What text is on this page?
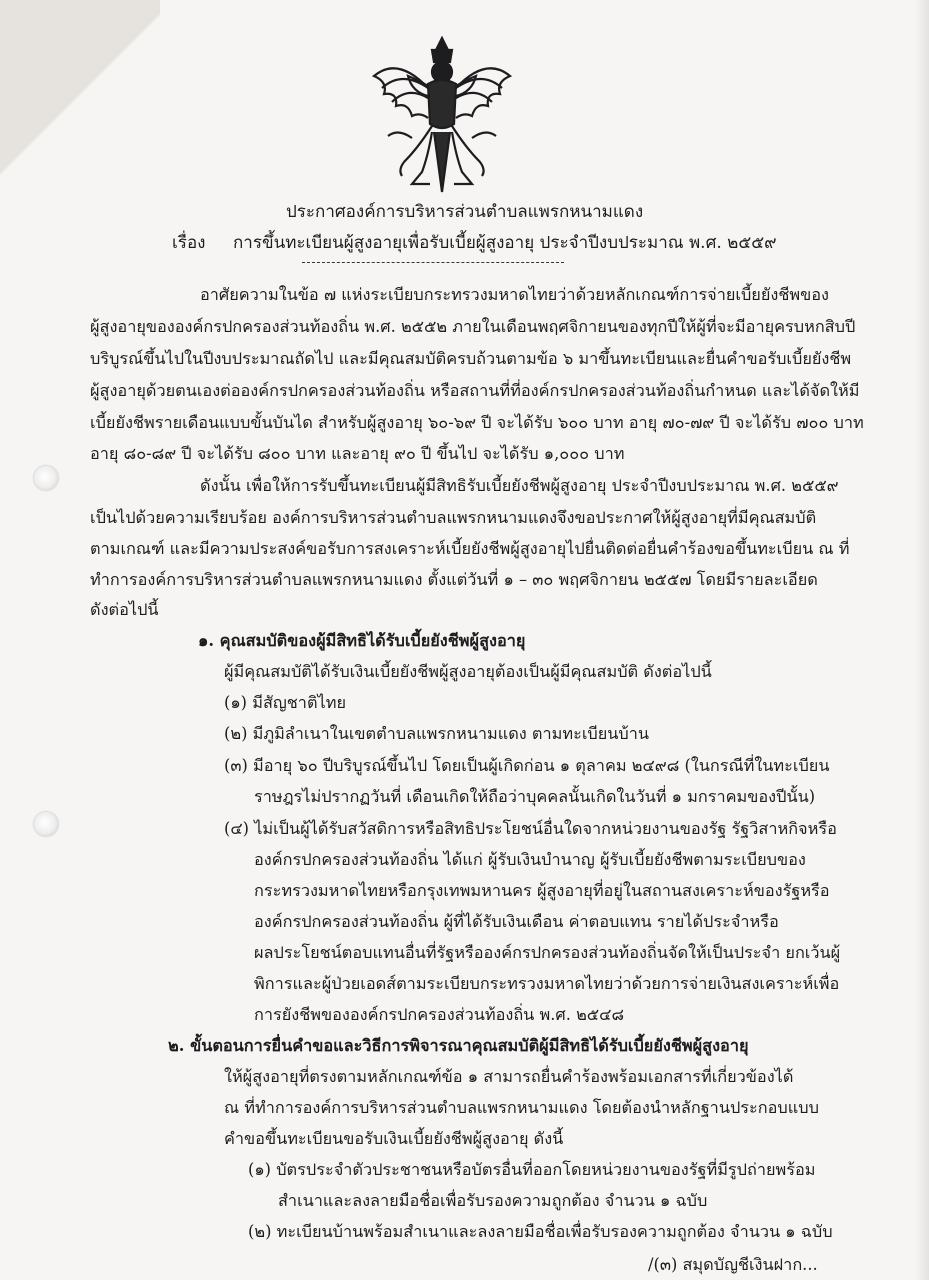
ประกาศองค์การบริหารส่วนตำบลแพรกหนามแดง
เรื่อง การขึ้นทะเบียนผู้สูงอายุเพื่อรับเบี้ยผู้สูงอายุ ประจำปีงบประมาณ พ.ศ. ๒๕๕๙
อาศัยความในข้อ ๗ แห่งระเบียบกระทรวงมหาดไทยว่าด้วยหลักเกณฑ์การจ่ายเบี้ยยังชีพของ
ผู้สูงอายุขององค์กรปกครองส่วนท้องถิ่น พ.ศ. ๒๕๕๒ ภายในเดือนพฤศจิกายนของทุกปีให้ผู้ที่จะมีอายุครบหกสิบปี
บริบูรณ์ขึ้นไปในปีงบประมาณถัดไป และมีคุณสมบัติครบถ้วนตามข้อ ๖ มาขึ้นทะเบียนและยื่นคำขอรับเบี้ยยังชีพ
ผู้สูงอายุด้วยตนเองต่อองค์กรปกครองส่วนท้องถิ่น หรือสถานที่ที่องค์กรปกครองส่วนท้องถิ่นกำหนด และได้จัดให้มี
เบี้ยยังชีพรายเดือนแบบขั้นบันได สำหรับผู้สูงอายุ ๖๐-๖๙ ปี จะได้รับ ๖๐๐ บาท อายุ ๗๐-๗๙ ปี จะได้รับ ๗๐๐ บาท
อายุ ๘๐-๘๙ ปี จะได้รับ ๘๐๐ บาท และอายุ ๙๐ ปี ขึ้นไป จะได้รับ ๑,๐๐๐ บาท
ดังนั้น เพื่อให้การรับขึ้นทะเบียนผู้มีสิทธิรับเบี้ยยังชีพผู้สูงอายุ ประจำปีงบประมาณ พ.ศ. ๒๕๕๙
เป็นไปด้วยความเรียบร้อย องค์การบริหารส่วนตำบลแพรกหนามแดงจึงขอประกาศให้ผู้สูงอายุที่มีคุณสมบัติ
ตามเกณฑ์ และมีความประสงค์ขอรับการสงเคราะห์เบี้ยยังชีพผู้สูงอายุไปยื่นติดต่อยื่นคำร้องขอขึ้นทะเบียน ณ ที่
ทำการองค์การบริหารส่วนตำบลแพรกหนามแดง ตั้งแต่วันที่ ๑ – ๓๐ พฤศจิกายน ๒๕๕๗ โดยมีรายละเอียด
ดังต่อไปนี้
๑. คุณสมบัติของผู้มีสิทธิได้รับเบี้ยยังชีพผู้สูงอายุ
ผู้มีคุณสมบัติได้รับเงินเบี้ยยังชีพผู้สูงอายุต้องเป็นผู้มีคุณสมบัติ ดังต่อไปนี้
(๑) มีสัญชาติไทย
(๒) มีภูมิลำเนาในเขตตำบลแพรกหนามแดง ตามทะเบียนบ้าน
(๓) มีอายุ ๖๐ ปีบริบูรณ์ขึ้นไป โดยเป็นผู้เกิดก่อน ๑ ตุลาคม ๒๔๙๘ (ในกรณีที่ในทะเบียน
ราษฎรไม่ปรากฏวันที่ เดือนเกิดให้ถือว่าบุคคลนั้นเกิดในวันที่ ๑ มกราคมของปีนั้น)
(๔) ไม่เป็นผู้ได้รับสวัสดิการหรือสิทธิประโยชน์อื่นใดจากหน่วยงานของรัฐ รัฐวิสาหกิจหรือ
องค์กรปกครองส่วนท้องถิ่น ได้แก่ ผู้รับเงินบำนาญ ผู้รับเบี้ยยังชีพตามระเบียบของ
กระทรวงมหาดไทยหรือกรุงเทพมหานคร ผู้สูงอายุที่อยู่ในสถานสงเคราะห์ของรัฐหรือ
องค์กรปกครองส่วนท้องถิ่น ผู้ที่ได้รับเงินเดือน ค่าตอบแทน รายได้ประจำหรือ
ผลประโยชน์ตอบแทนอื่นที่รัฐหรือองค์กรปกครองส่วนท้องถิ่นจัดให้เป็นประจำ ยกเว้นผู้
พิการและผู้ป่วยเอดส์ตามระเบียบกระทรวงมหาดไทยว่าด้วยการจ่ายเงินสงเคราะห์เพื่อ
การยังชีพขององค์กรปกครองส่วนท้องถิ่น พ.ศ. ๒๕๔๘
๒. ขั้นตอนการยื่นคำขอและวิธีการพิจารณาคุณสมบัติผู้มีสิทธิได้รับเบี้ยยังชีพผู้สูงอายุ
ให้ผู้สูงอายุที่ตรงตามหลักเกณฑ์ข้อ ๑ สามารถยื่นคำร้องพร้อมเอกสารที่เกี่ยวข้องได้
ณ ที่ทำการองค์การบริหารส่วนตำบลแพรกหนามแดง โดยต้องนำหลักฐานประกอบแบบ
คำขอขึ้นทะเบียนขอรับเงินเบี้ยยังชีพผู้สูงอายุ ดังนี้
(๑) บัตรประจำตัวประชาชนหรือบัตรอื่นที่ออกโดยหน่วยงานของรัฐที่มีรูปถ่ายพร้อม
สำเนาและลงลายมือชื่อเพื่อรับรองความถูกต้อง จำนวน ๑ ฉบับ
(๒) ทะเบียนบ้านพร้อมสำเนาและลงลายมือชื่อเพื่อรับรองความถูกต้อง จำนวน ๑ ฉบับ
/(๓) สมุดบัญชีเงินฝาก...
